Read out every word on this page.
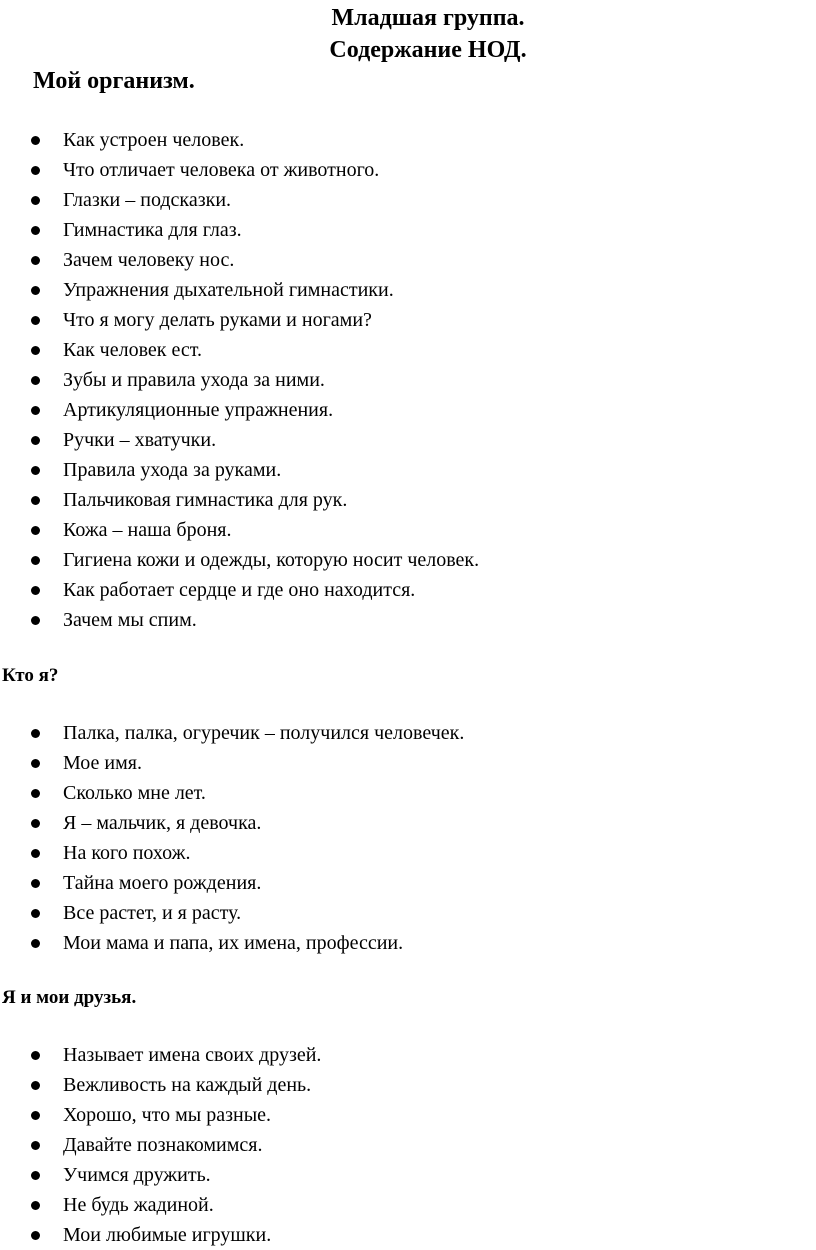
Младшая группа.
Содержание НОД.
Мой организм.
Как устроен человек.
Что отличает человека от животного.
Глазки – подсказки.
Гимнастика для глаз.
Зачем человеку нос.
Упражнения дыхательной гимнастики.
Что я могу делать руками и ногами?
Как человек ест.
Зубы и правила ухода за ними.
Артикуляционные упражнения.
Ручки – хватучки.
Правила ухода за руками.
Пальчиковая гимнастика для рук.
Кожа – наша броня.
Гигиена кожи и одежды, которую носит человек.
Как работает сердце и где оно находится.
Зачем мы спим.
Кто я?
Палка, палка, огуречик – получился человечек.
Мое имя.
Сколько мне лет.
Я – мальчик, я девочка.
На кого похож.
Тайна моего рождения.
Все растет, и я расту.
Мои мама и папа, их имена, профессии.
Я и мои друзья.
Называет имена своих друзей.
Вежливость на каждый день.
Хорошо, что мы разные.
Давайте познакомимся.
Учимся дружить.
Не будь жадиной.
Мои любимые игрушки.
